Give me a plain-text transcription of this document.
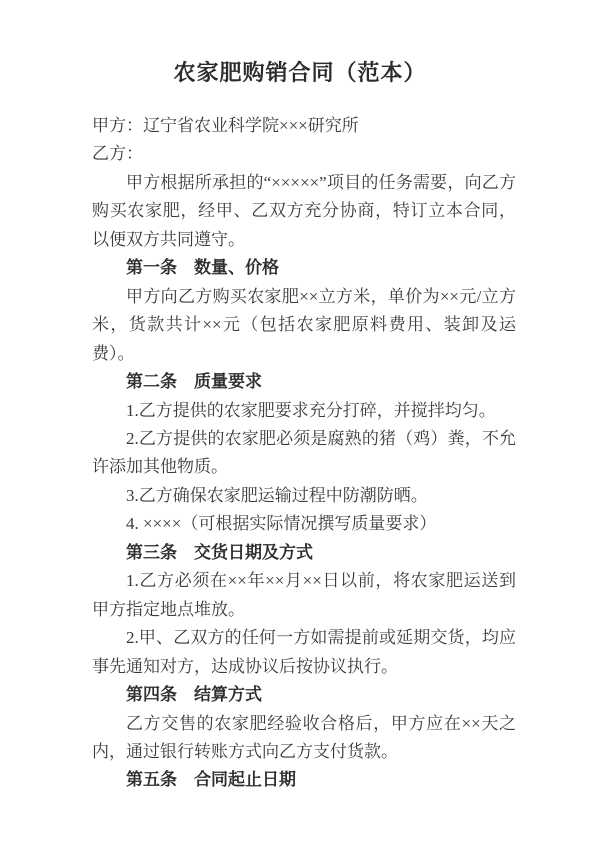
农家肥购销合同（范本）

甲方：辽宁省农业科学院×××研究所

乙方：

甲方根据所承担的“×××××”项目的任务需要，向乙方购买农家肥，经甲、乙双方充分协商，特订立本合同，以便双方共同遵守。

第一条　数量、价格

甲方向乙方购买农家肥××立方米，单价为××元/立方米，货款共计××元（包括农家肥原料费用、装卸及运费）。

第二条　质量要求

1.乙方提供的农家肥要求充分打碎，并搅拌均匀。

2.乙方提供的农家肥必须是腐熟的猪（鸡）粪，不允许添加其他物质。

3.乙方确保农家肥运输过程中防潮防晒。

4. ××××（可根据实际情况撰写质量要求）

第三条　交货日期及方式

1.乙方必须在××年××月××日以前，将农家肥运送到甲方指定地点堆放。

2.甲、乙双方的任何一方如需提前或延期交货，均应事先通知对方，达成协议后按协议执行。

第四条　结算方式

乙方交售的农家肥经验收合格后，甲方应在××天之内，通过银行转账方式向乙方支付货款。

第五条　合同起止日期
